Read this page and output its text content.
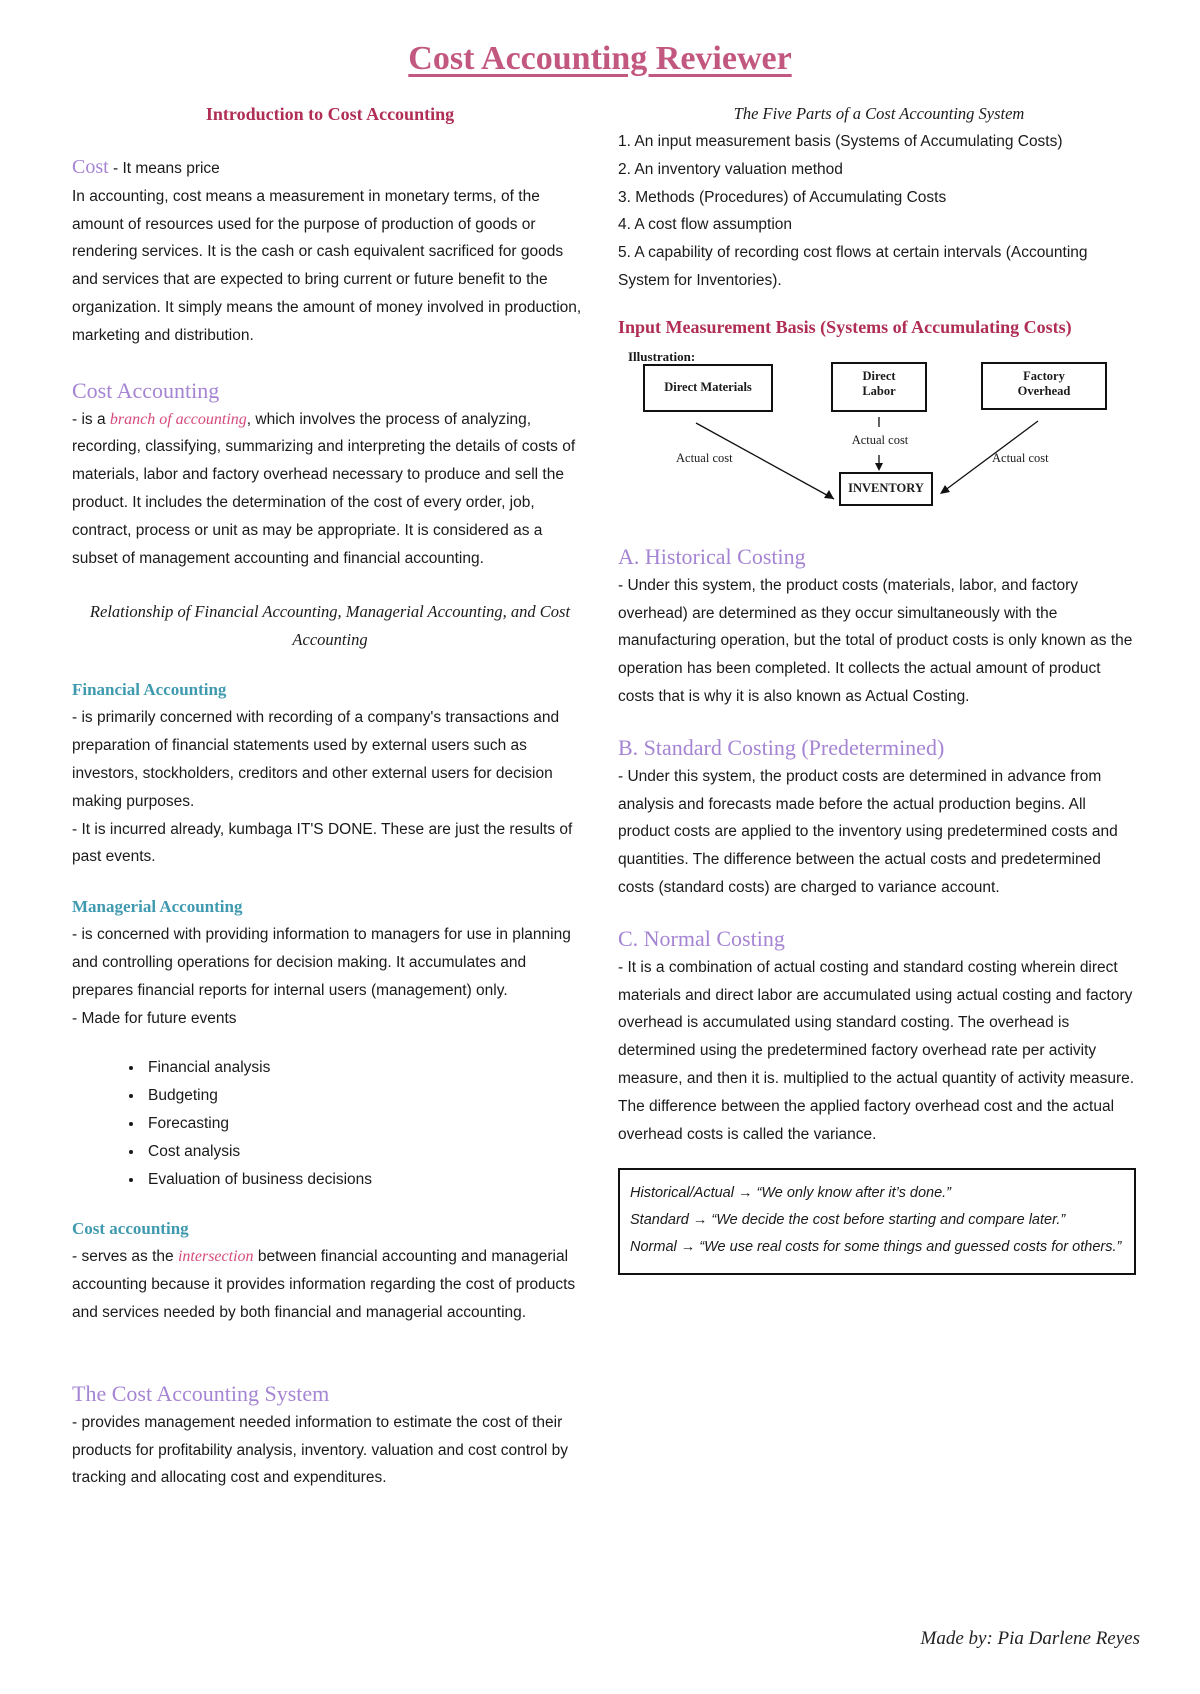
Cost Accounting Reviewer

Introduction to Cost Accounting

Cost - It means price

In accounting, cost means a measurement in monetary terms, of the amount of resources used for the purpose of production of goods or rendering services. It is the cash or cash equivalent sacrificed for goods and services that are expected to bring current or future benefit to the organization. It simply means the amount of money involved in production, marketing and distribution.

Cost Accounting

- is a branch of accounting, which involves the process of analyzing, recording, classifying, summarizing and interpreting the details of costs of materials, labor and factory overhead necessary to produce and sell the product. It includes the determination of the cost of every order, job, contract, process or unit as may be appropriate. It is considered as a subset of management accounting and financial accounting.

Relationship of Financial Accounting, Managerial Accounting, and Cost Accounting

Financial Accounting

- is primarily concerned with recording of a company's transactions and preparation of financial statements used by external users such as investors, stockholders, creditors and other external users for decision making purposes.

- It is incurred already, kumbaga IT'S DONE. These are just the results of past events.

Managerial Accounting

- is concerned with providing information to managers for use in planning and controlling operations for decision making. It accumulates and prepares financial reports for internal users (management) only.

- Made for future events

• Financial analysis
• Budgeting
• Forecasting
• Cost analysis
• Evaluation of business decisions

Cost accounting

- serves as the intersection between financial accounting and managerial accounting because it provides information regarding the cost of products and services needed by both financial and managerial accounting.

The Cost Accounting System

- provides management needed information to estimate the cost of their products for profitability analysis, inventory. valuation and cost control by tracking and allocating cost and expenditures.

The Five Parts of a Cost Accounting System

1. An input measurement basis (Systems of Accumulating Costs)

2. An inventory valuation method

3. Methods (Procedures) of Accumulating Costs

4. A cost flow assumption

5. A capability of recording cost flows at certain intervals (Accounting System for Inventories).

Input Measurement Basis (Systems of Accumulating Costs)

Illustration:
Direct Materials
Direct
Labor
Factory
Overhead
INVENTORY
Actual cost
Actual cost
Actual cost

A. Historical Costing

- Under this system, the product costs (materials, labor, and factory overhead) are determined as they occur simultaneously with the manufacturing operation, but the total of product costs is only known as the operation has been completed. It collects the actual amount of product costs that is why it is also known as Actual Costing.

B. Standard Costing (Predetermined)

- Under this system, the product costs are determined in advance from analysis and forecasts made before the actual production begins. All product costs are applied to the inventory using predetermined costs and quantities. The difference between the actual costs and predetermined costs (standard costs) are charged to variance account.

C. Normal Costing

- It is a combination of actual costing and standard costing wherein direct materials and direct labor are accumulated using actual costing and factory overhead is accumulated using standard costing. The overhead is determined using the predetermined factory overhead rate per activity measure, and then it is. multiplied to the actual quantity of activity measure. The difference between the applied factory overhead cost and the actual overhead costs is called the variance.

Historical/Actual → “We only know after it’s done.”

Standard → “We decide the cost before starting and compare later.”

Normal → “We use real costs for some things and guessed costs for others.”

Made by: Pia Darlene Reyes
